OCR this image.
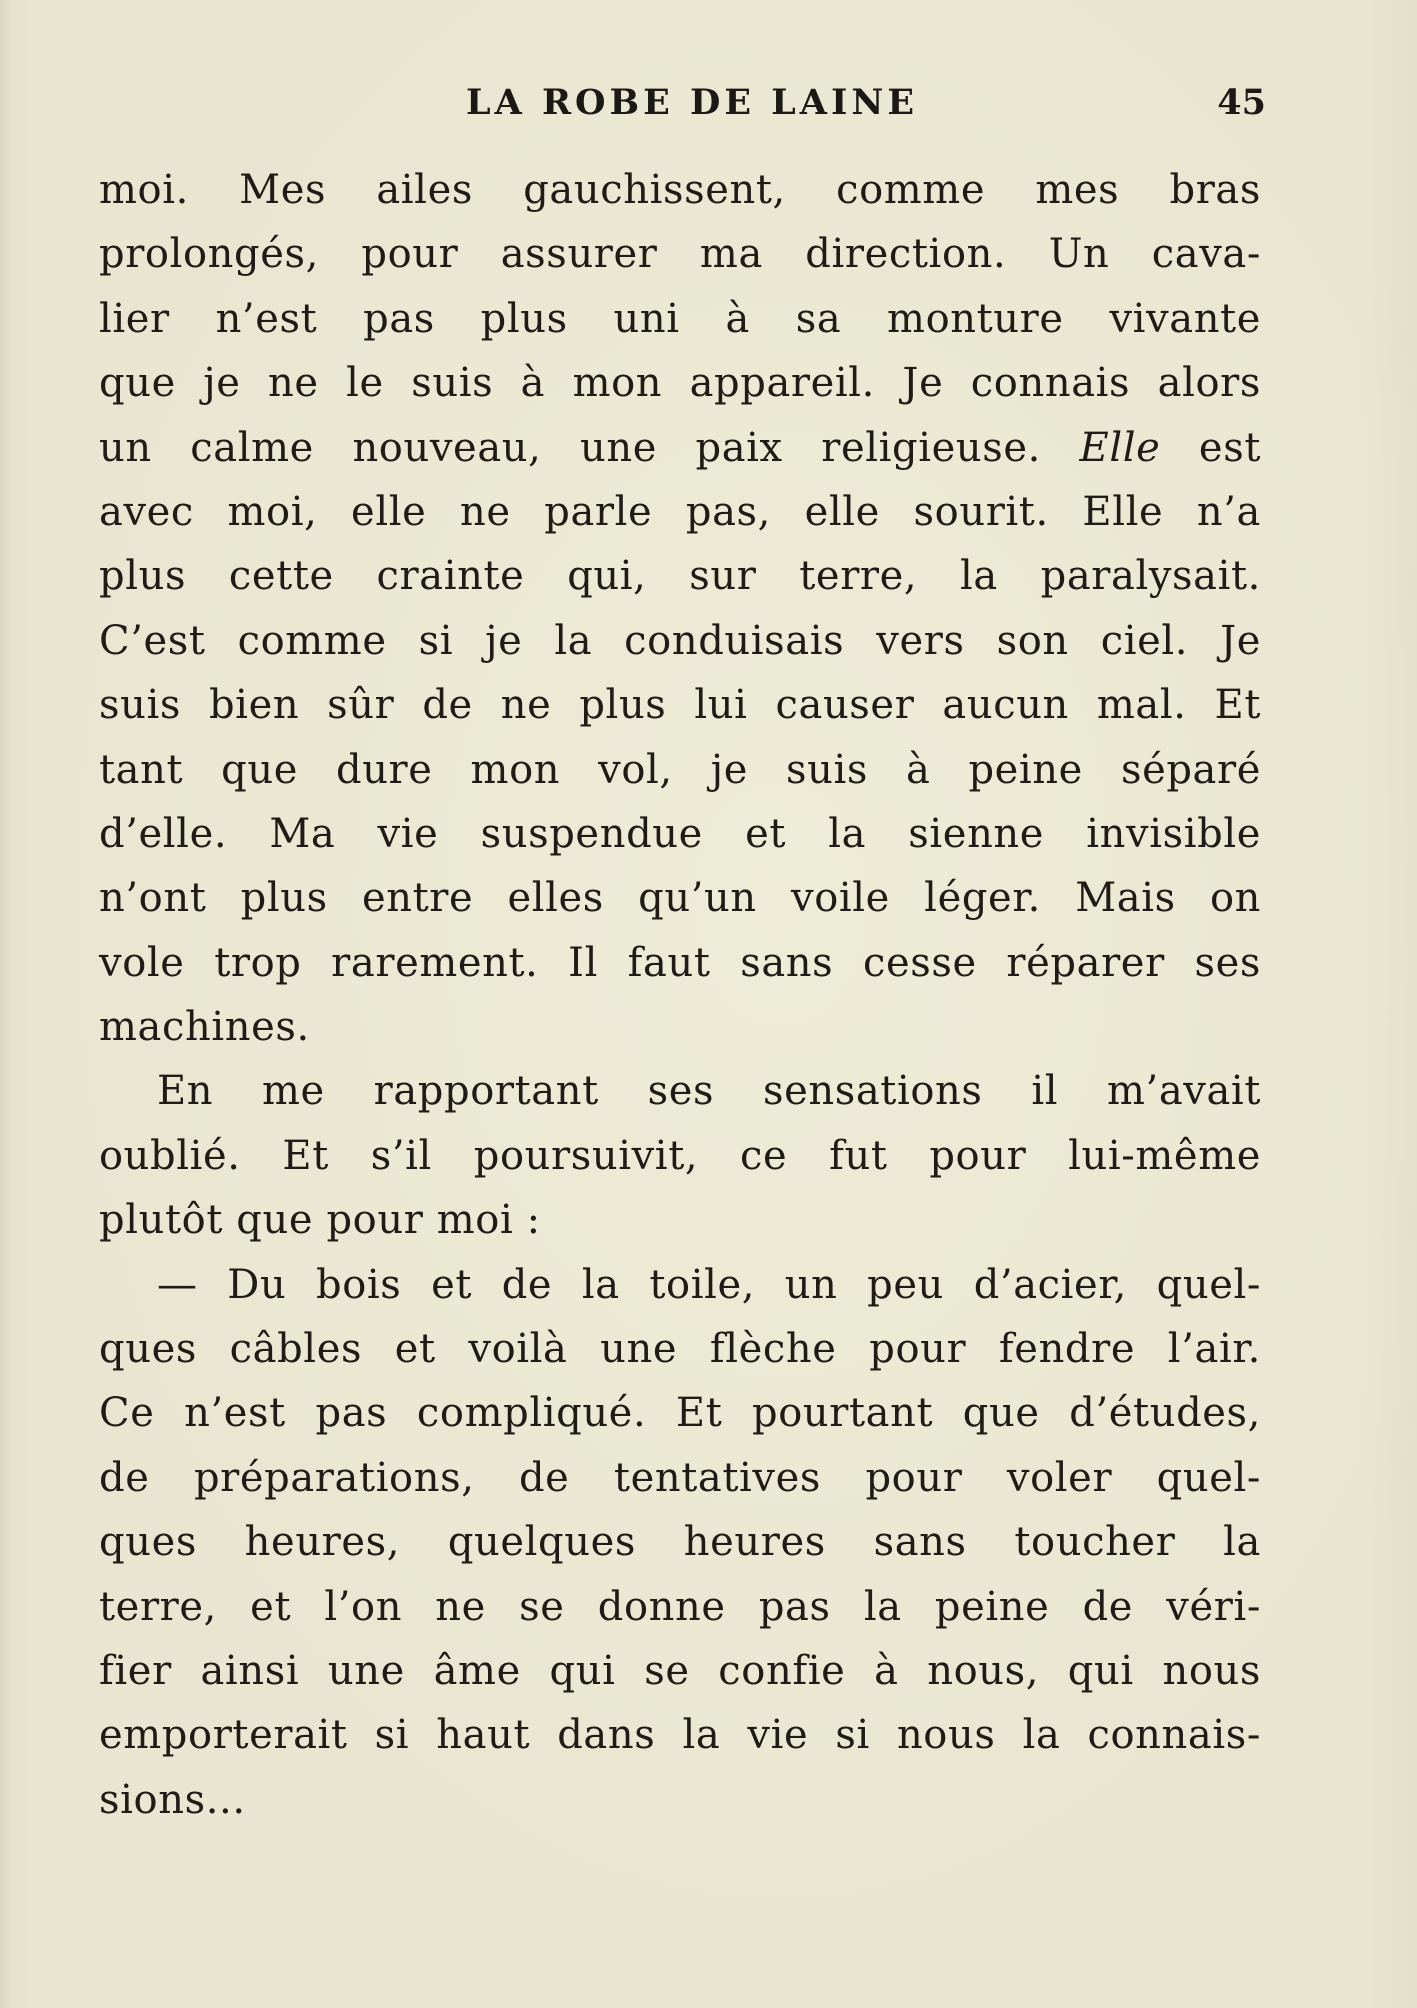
LA ROBE DE LAINE	45
moi. Mes ailes gauchissent, comme mes bras
prolongés, pour assurer ma direction. Un cava-
lier n’est pas plus uni à sa monture vivante
que je ne le suis à mon appareil. Je connais alors
un calme nouveau, une paix religieuse. Elle est
avec moi, elle ne parle pas, elle sourit. Elle n’a
plus cette crainte qui, sur terre, la paralysait.
C’est comme si je la conduisais vers son ciel. Je
suis bien sûr de ne plus lui causer aucun mal. Et
tant que dure mon vol, je suis à peine séparé
d’elle. Ma vie suspendue et la sienne invisible
n’ont plus entre elles qu’un voile léger. Mais on
vole trop rarement. Il faut sans cesse réparer ses
machines.
En me rapportant ses sensations il m’avait
oublié. Et s’il poursuivit, ce fut pour lui-même
plutôt que pour moi :
— Du bois et de la toile, un peu d’acier, quel-
ques câbles et voilà une flèche pour fendre l’air.
Ce n’est pas compliqué. Et pourtant que d’études,
de préparations, de tentatives pour voler quel-
ques heures, quelques heures sans toucher la
terre, et l’on ne se donne pas la peine de véri-
fier ainsi une âme qui se confie à nous, qui nous
emporterait si haut dans la vie si nous la connais-
sions...
